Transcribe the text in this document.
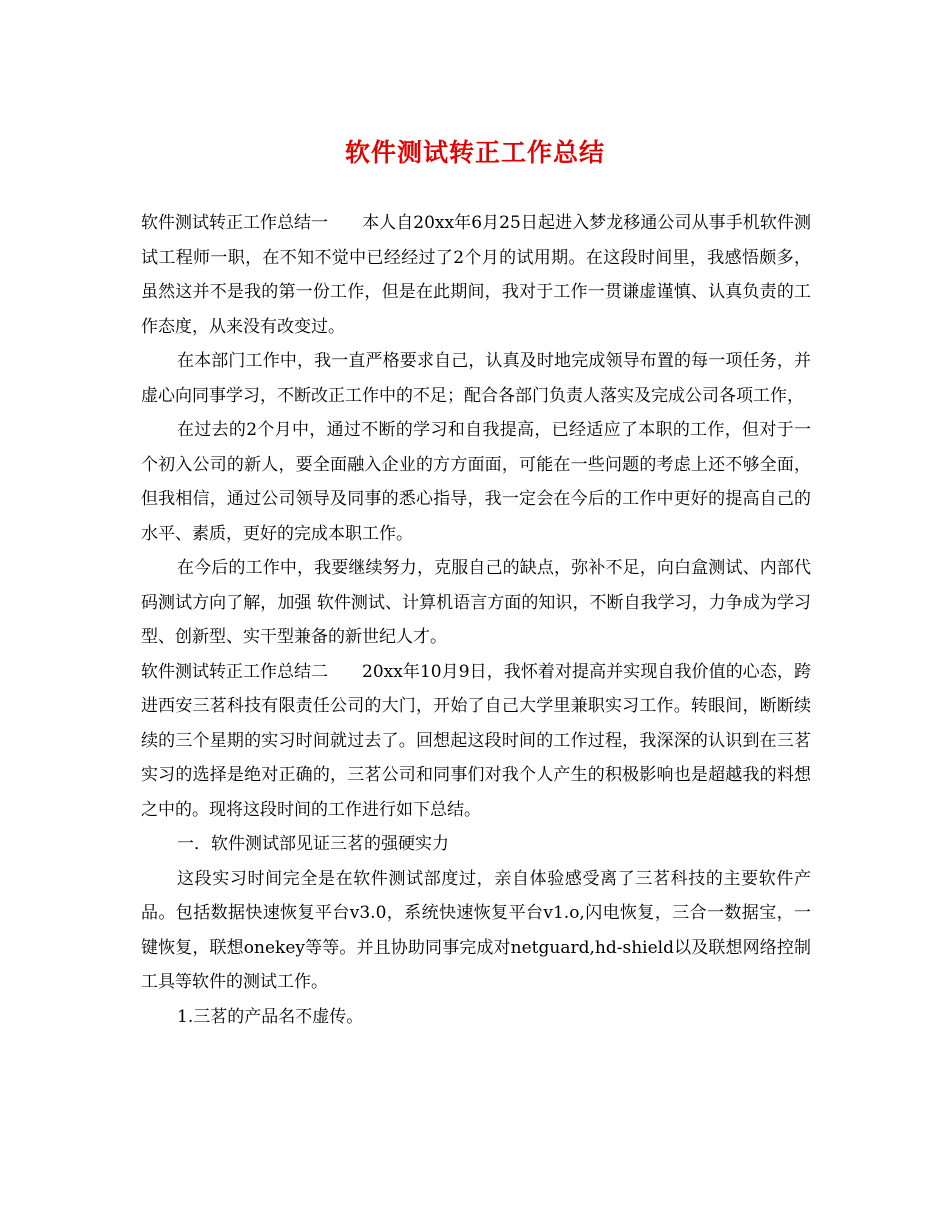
软件测试转正工作总结

软件测试转正工作总结一 本人自20xx年6月25日起进入梦龙移通公司从事手机软件测试工程师一职，在不知不觉中已经经过了2个月的试用期。在这段时间里，我感悟颇多，虽然这并不是我的第一份工作，但是在此期间，我对于工作一贯谦虚谨慎、认真负责的工作态度，从来没有改变过。

在本部门工作中，我一直严格要求自己，认真及时地完成领导布置的每一项任务，并虚心向同事学习，不断改正工作中的不足；配合各部门负责人落实及完成公司各项工作，

在过去的2个月中，通过不断的学习和自我提高，已经适应了本职的工作，但对于一个初入公司的新人，要全面融入企业的方方面面，可能在一些问题的考虑上还不够全面，但我相信，通过公司领导及同事的悉心指导，我一定会在今后的工作中更好的提高自己的水平、素质，更好的完成本职工作。

在今后的工作中，我要继续努力，克服自己的缺点，弥补不足，向白盒测试、内部代码测试方向了解，加强 软件测试、计算机语言方面的知识，不断自我学习，力争成为学习型、创新型、实干型兼备的新世纪人才。

软件测试转正工作总结二 20xx年10月9日，我怀着对提高并实现自我价值的心态，跨进西安三茗科技有限责任公司的大门，开始了自己大学里兼职实习工作。转眼间，断断续续的三个星期的实习时间就过去了。回想起这段时间的工作过程，我深深的认识到在三茗实习的选择是绝对正确的，三茗公司和同事们对我个人产生的积极影响也是超越我的料想之中的。现将这段时间的工作进行如下总结。

一．软件测试部见证三茗的强硬实力

这段实习时间完全是在软件测试部度过，亲自体验感受离了三茗科技的主要软件产品。包括数据快速恢复平台v3.0，系统快速恢复平台v1.o,闪电恢复，三合一数据宝，一键恢复，联想onekey等等。并且协助同事完成对netguard,hd-shield以及联想网络控制工具等软件的测试工作。

1.三茗的产品名不虚传。
